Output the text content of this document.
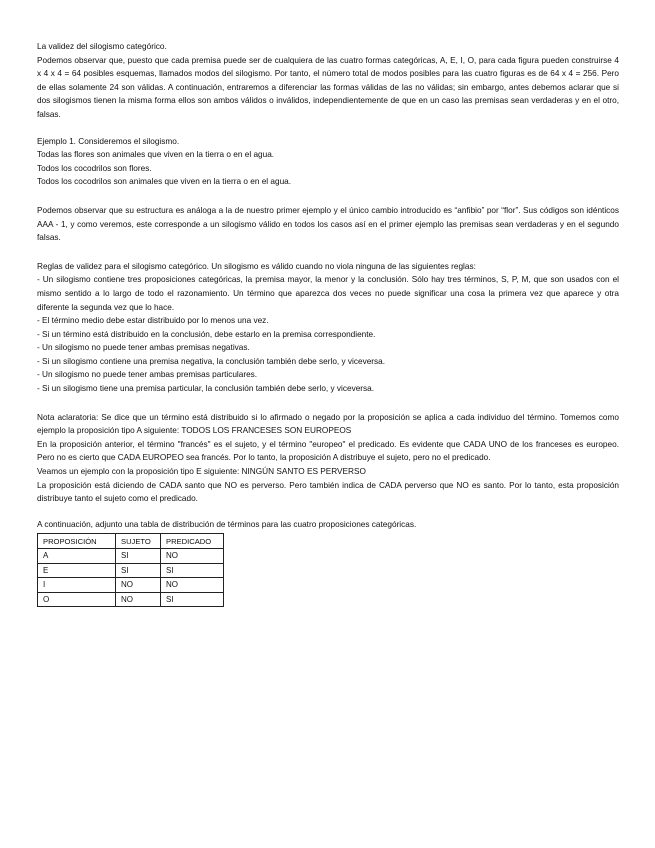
La validez del silogismo categórico.

Podemos observar que, puesto que cada premisa puede ser de cualquiera de las cuatro formas categóricas, A, E, I, O, para cada figura pueden construirse 4 x 4 x 4 = 64 posibles esquemas, llamados modos del silogismo. Por tanto, el número total de modos posibles para las cuatro figuras es de 64 x 4 = 256. Pero de ellas solamente 24 son válidas. A continuación, entraremos a diferenciar las formas válidas de las no válidas; sin embargo, antes debemos aclarar que si dos silogismos tienen la misma forma ellos son ambos válidos o inválidos, independientemente de que en un caso las premisas sean verdaderas y en el otro, falsas.

Ejemplo 1. Consideremos el silogismo.

Todas las flores son animales que viven en la tierra o en el agua.

Todos los cocodrilos son flores.

Todos los cocodrilos son animales que viven en la tierra o en el agua.

Podemos observar que su estructura es análoga a la de nuestro primer ejemplo y el único cambio introducido es “anfibio” por “flor”. Sus códigos son idénticos AAA - 1, y como veremos, este corresponde a un silogismo válido en todos los casos así en el primer ejemplo las premisas sean verdaderas y en el segundo falsas.

Reglas de validez para el silogismo categórico. Un silogismo es válido cuando no viola ninguna de las siguientes reglas:

- Un silogismo contiene tres proposiciones categóricas, la premisa mayor, la menor y la conclusión. Sólo hay tres términos, S, P, M, que son usados con el mismo sentido a lo largo de todo el razonamiento. Un término que aparezca dos veces no puede significar una cosa la primera vez que aparece y otra diferente la segunda vez que lo hace.

- El término medio debe estar distribuido por lo menos una vez.

- Si un término está distribuido en la conclusión, debe estarlo en la premisa correspondiente.

- Un silogismo no puede tener ambas premisas negativas.

- Si un silogismo contiene una premisa negativa, la conclusión también debe serlo, y viceversa.

- Un silogismo no puede tener ambas premisas particulares.

- Si un silogismo tiene una premisa particular, la conclusión también debe serlo, y viceversa.

Nota aclaratoria: Se dice que un término está distribuido si lo afirmado o negado por la proposición se aplica a cada individuo del término. Tomemos como ejemplo la proposición tipo A siguiente: TODOS LOS FRANCESES SON EUROPEOS

En la proposición anterior, el término "francés" es el sujeto, y el término "europeo" el predicado. Es evidente que CADA UNO de los franceses es europeo. Pero no es cierto que CADA EUROPEO sea francés. Por lo tanto, la proposición A distribuye el sujeto, pero no el predicado.

Veamos un ejemplo con la proposición tipo E siguiente: NINGÚN SANTO ES PERVERSO

La proposición está diciendo de CADA santo que NO es perverso. Pero también indica de CADA perverso que NO es santo. Por lo tanto, esta proposición distribuye tanto el sujeto como el predicado.

A continuación, adjunto una tabla de distribución de términos para las cuatro proposiciones categóricas.

PROPOSICIÓN	SUJETO	PREDICADO
A	SI	NO
E	SI	SI
I	NO	NO
O	NO	SI
